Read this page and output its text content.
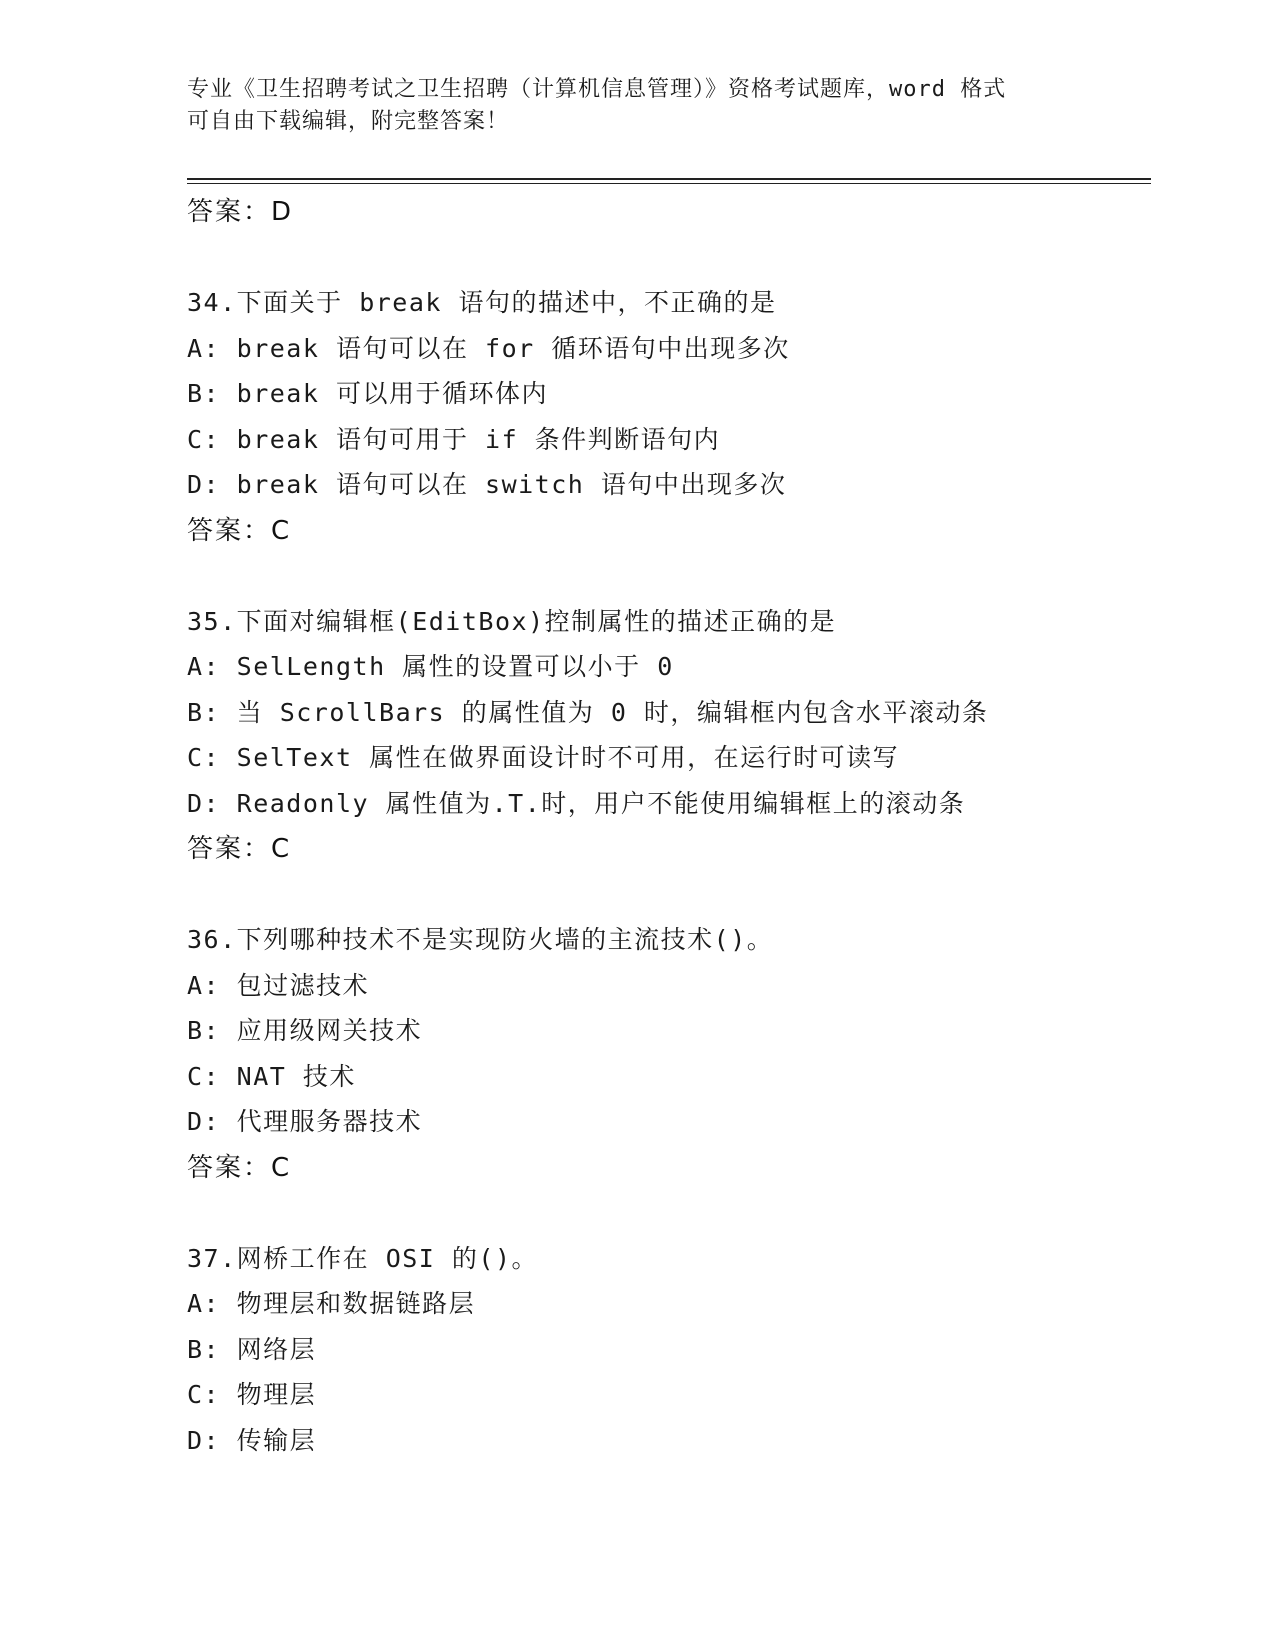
专业《卫生招聘考试之卫生招聘（计算机信息管理）》资格考试题库，word 格式
可自由下载编辑，附完整答案！
答案：D
34.下面关于 break 语句的描述中，不正确的是
A: break 语句可以在 for 循环语句中出现多次
B: break 可以用于循环体内
C: break 语句可用于 if 条件判断语句内
D: break 语句可以在 switch 语句中出现多次
答案：C
35.下面对编辑框(EditBox)控制属性的描述正确的是
A: SelLength 属性的设置可以小于 0
B: 当 ScrollBars 的属性值为 0 时，编辑框内包含水平滚动条
C: SelText 属性在做界面设计时不可用，在运行时可读写
D: Readonly 属性值为.T.时，用户不能使用编辑框上的滚动条
答案：C
36.下列哪种技术不是实现防火墙的主流技术()。
A: 包过滤技术
B: 应用级网关技术
C: NAT 技术
D: 代理服务器技术
答案：C
37.网桥工作在 OSI 的()。
A: 物理层和数据链路层
B: 网络层
C: 物理层
D: 传输层
